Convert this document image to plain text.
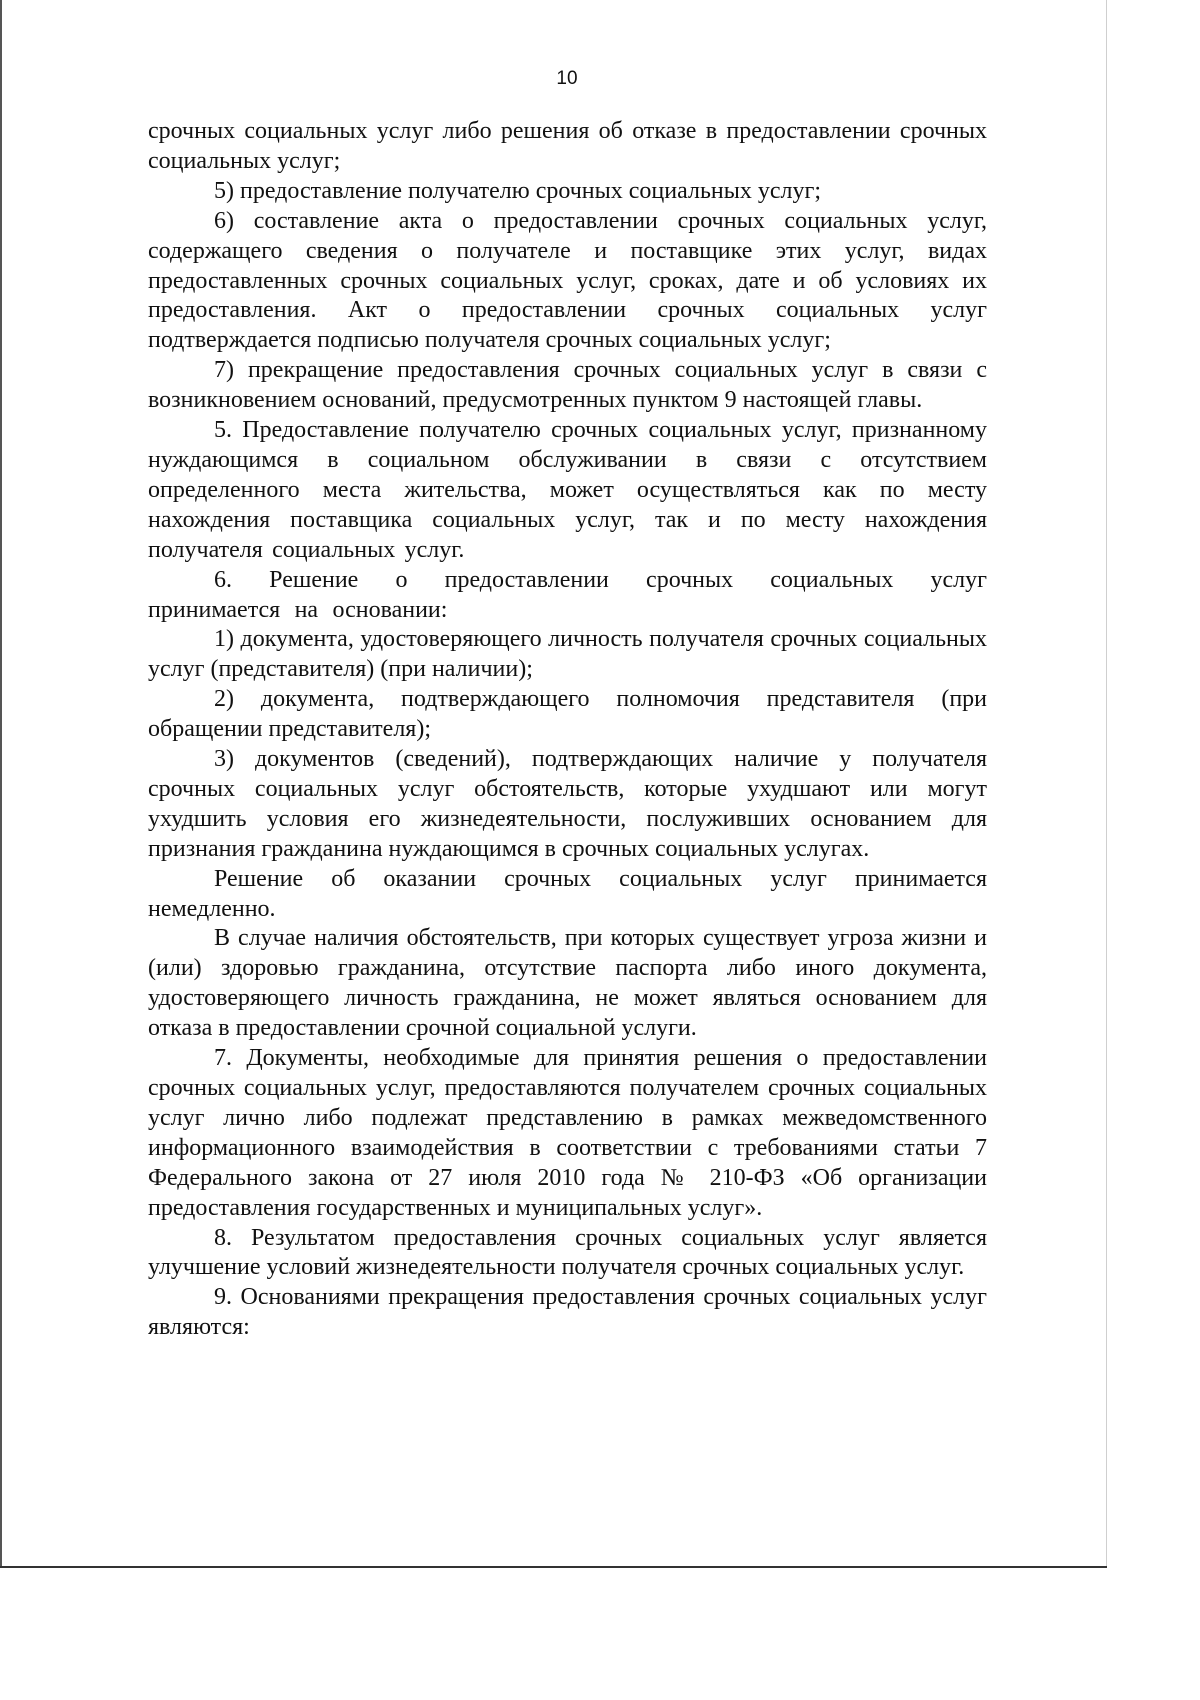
10

срочных социальных услуг либо решения об отказе в предоставлении срочных социальных услуг;

5) предоставление получателю срочных социальных услуг;

6) составление акта о предоставлении срочных социальных услуг, содержащего сведения о получателе и поставщике этих услуг, видах предоставленных срочных социальных услуг, сроках, дате и об условиях их предоставления. Акт о предоставлении срочных социальных услуг подтверждается подписью получателя срочных социальных услуг;

7) прекращение предоставления срочных социальных услуг в связи с возникновением оснований, предусмотренных пунктом 9 настоящей главы.

5. Предоставление получателю срочных социальных услуг, признанному нуждающимся в социальном обслуживании в связи с отсутствием определенного места жительства, может осуществляться как по месту нахождения поставщика социальных услуг, так и по месту нахождения получателя социальных услуг.

6. Решение о предоставлении срочных социальных услуг принимается на основании:

1) документа, удостоверяющего личность получателя срочных социальных услуг (представителя) (при наличии);

2) документа, подтверждающего полномочия представителя (при обращении представителя);

3) документов (сведений), подтверждающих наличие у получателя срочных социальных услуг обстоятельств, которые ухудшают или могут ухудшить условия его жизнедеятельности, послуживших основанием для признания гражданина нуждающимся в срочных социальных услугах.

Решение об оказании срочных социальных услуг принимается немедленно.

В случае наличия обстоятельств, при которых существует угроза жизни и (или) здоровью гражданина, отсутствие паспорта либо иного документа, удостоверяющего личность гражданина, не может являться основанием для отказа в предоставлении срочной социальной услуги.

7. Документы, необходимые для принятия решения о предоставлении срочных социальных услуг, предоставляются получателем срочных социальных услуг лично либо подлежат представлению в рамках межведомственного информационного взаимодействия в соответствии с требованиями статьи 7 Федерального закона от 27 июля 2010 года № 210-ФЗ «Об организации предоставления государственных и муниципальных услуг».

8. Результатом предоставления срочных социальных услуг является улучшение условий жизнедеятельности получателя срочных социальных услуг.

9. Основаниями прекращения предоставления срочных социальных услуг являются:
